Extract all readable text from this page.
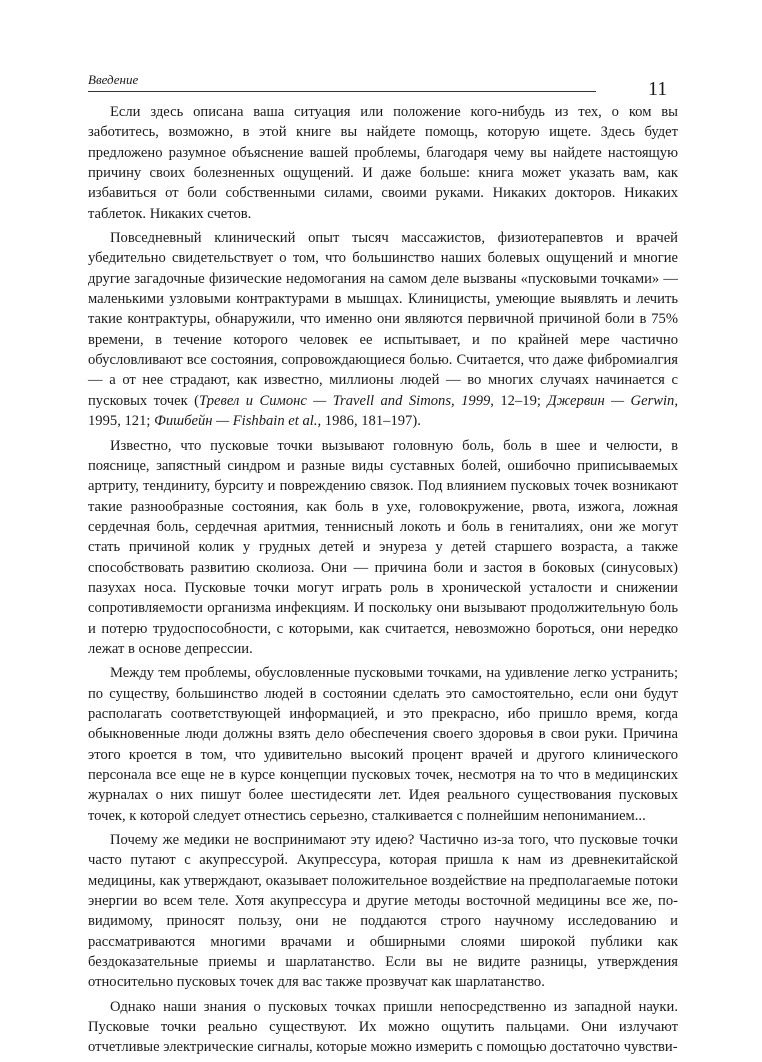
Введение	11

Если здесь описана ваша ситуация или положение кого-нибудь из тех, о ком вы заботитесь, возможно, в этой книге вы найдете помощь, которую ищете. Здесь будет предложено разумное объяснение вашей проблемы, благодаря чему вы найдете настоящую причину своих болезненных ощущений. И даже больше: книга может указать вам, как избавиться от боли собственными силами, своими руками. Никаких докторов. Никаких таблеток. Никаких счетов.

Повседневный клинический опыт тысяч массажистов, физиотерапевтов и врачей убедительно свидетельствует о том, что большинство наших болевых ощущений и многие другие загадочные физические недомогания на самом деле вызваны «пусковыми точками» — маленькими узловыми контрактурами в мышцах. Клиницисты, умеющие выявлять и лечить такие контрактуры, обнаружили, что именно они являются первичной причиной боли в 75% времени, в течение которого человек ее испытывает, и по крайней мере частично обусловливают все состояния, сопровождающиеся болью. Считается, что даже фибромиалгия — а от нее страдают, как известно, миллионы людей — во многих случаях начинается с пусковых точек (Тревел и Симонс — Travell and Simons, 1999, 12–19; Джервин — Gerwin, 1995, 121; Фишбейн — Fishbain et al., 1986, 181–197).

Известно, что пусковые точки вызывают головную боль, боль в шее и челюсти, в пояснице, запястный синдром и разные виды суставных болей, ошибочно приписываемых артриту, тендиниту, бурситу и повреждению связок. Под влиянием пусковых точек возникают такие разнообразные состояния, как боль в ухе, головокружение, рвота, изжога, ложная сердечная боль, сердечная аритмия, теннисный локоть и боль в гениталиях, они же могут стать причиной колик у грудных детей и энуреза у детей старшего возраста, а также способствовать развитию сколиоза. Они — причина боли и застоя в боковых (синусовых) пазухах носа. Пусковые точки могут играть роль в хронической усталости и снижении сопротивляемости организма инфекциям. И поскольку они вызывают продолжительную боль и потерю трудоспособности, с которыми, как считается, невозможно бороться, они нередко лежат в основе депрессии.

Между тем проблемы, обусловленные пусковыми точками, на удивление легко устранить; по существу, большинство людей в состоянии сделать это самостоятельно, если они будут располагать соответствующей информацией, и это прекрасно, ибо пришло время, когда обыкновенные люди должны взять дело обеспечения своего здоровья в свои руки. Причина этого кроется в том, что удивительно высокий процент врачей и другого клинического персонала все еще не в курсе концепции пусковых точек, несмотря на то что в медицинских журналах о них пишут более шестидесяти лет. Идея реального существования пусковых точек, к которой следует отнестись серьезно, сталкивается с полнейшим непониманием...

Почему же медики не воспринимают эту идею? Частично из-за того, что пусковые точки часто путают с акупрессурой. Акупрессура, которая пришла к нам из древнекитайской медицины, как утверждают, оказывает положительное воздействие на предполагаемые потоки энергии во всем теле. Хотя акупрессура и другие методы восточной медицины все же, по-видимому, приносят пользу, они не поддаются строго научному исследованию и рассматриваются многими врачами и обширными слоями широкой публики как бездоказательные приемы и шарлатанство. Если вы не видите разницы, утверждения относительно пусковых точек для вас также прозвучат как шарлатанство.

Однако наши знания о пусковых точках пришли непосредственно из западной науки. Пусковые точки реально существуют. Их можно ощутить пальцами. Они излучают отчетливые электрические сигналы, которые можно измерить с помощью достаточно чувстви-
